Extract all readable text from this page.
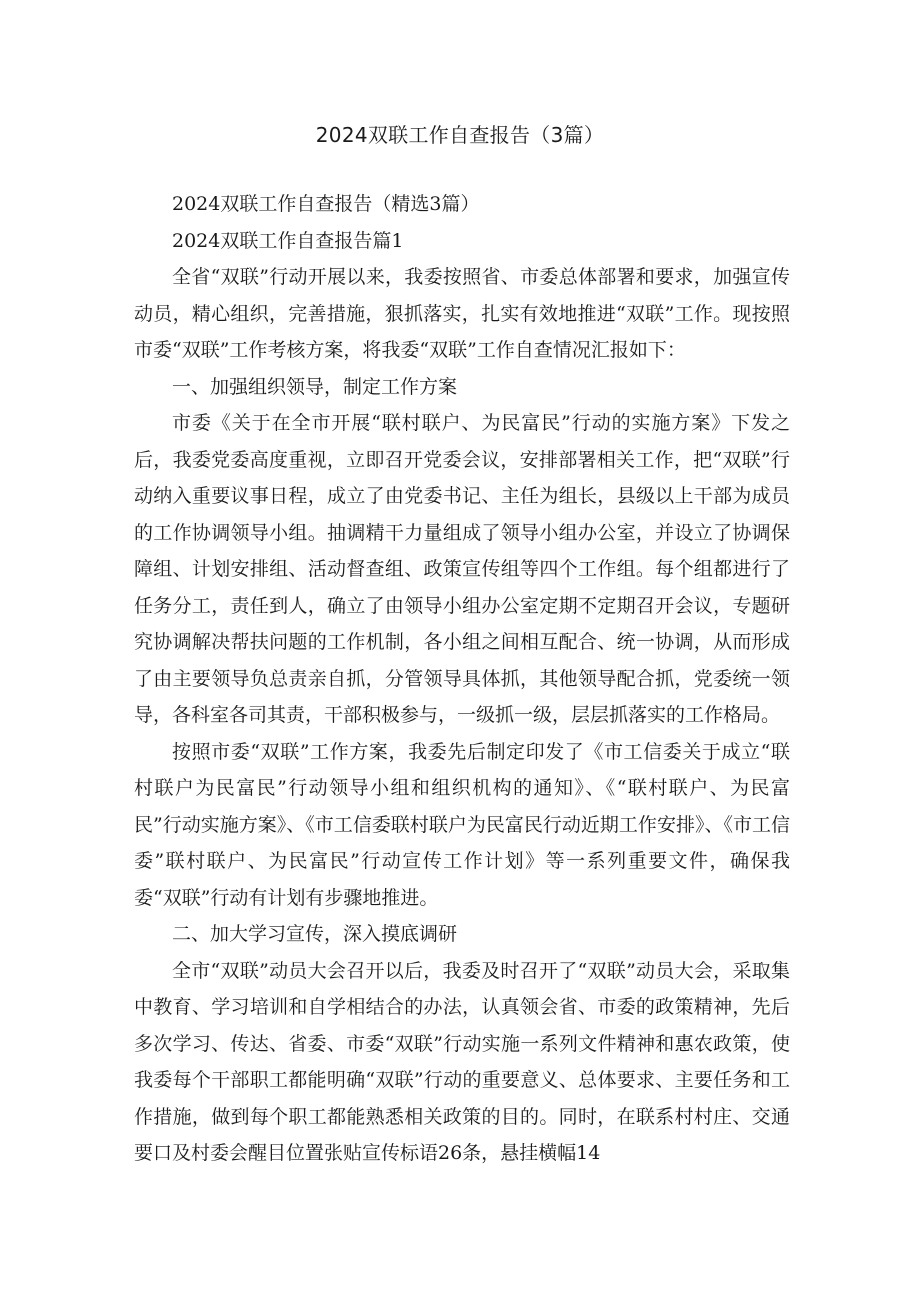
2024双联工作自查报告（3篇）

2024双联工作自查报告（精选3篇）

2024双联工作自查报告篇1

全省“双联”行动开展以来，我委按照省、市委总体部署和要求，加强宣传动员，精心组织，完善措施，狠抓落实，扎实有效地推进“双联”工作。现按照市委“双联”工作考核方案，将我委“双联”工作自查情况汇报如下：

一、加强组织领导，制定工作方案

市委《关于在全市开展“联村联户、为民富民”行动的实施方案》下发之后，我委党委高度重视，立即召开党委会议，安排部署相关工作，把“双联”行动纳入重要议事日程，成立了由党委书记、主任为组长，县级以上干部为成员的工作协调领导小组。抽调精干力量组成了领导小组办公室，并设立了协调保障组、计划安排组、活动督查组、政策宣传组等四个工作组。每个组都进行了任务分工，责任到人，确立了由领导小组办公室定期不定期召开会议，专题研究协调解决帮扶问题的工作机制，各小组之间相互配合、统一协调，从而形成了由主要领导负总责亲自抓，分管领导具体抓，其他领导配合抓，党委统一领导，各科室各司其责，干部积极参与，一级抓一级，层层抓落实的工作格局。

按照市委“双联”工作方案，我委先后制定印发了《市工信委关于成立“联村联户为民富民”行动领导小组和组织机构的通知》、《“联村联户、为民富民”行动实施方案》、《市工信委联村联户为民富民行动近期工作安排》、《市工信委”联村联户、为民富民”行动宣传工作计划》等一系列重要文件，确保我委“双联”行动有计划有步骤地推进。

二、加大学习宣传，深入摸底调研

全市“双联”动员大会召开以后，我委及时召开了“双联”动员大会，采取集中教育、学习培训和自学相结合的办法，认真领会省、市委的政策精神，先后多次学习、传达、省委、市委“双联”行动实施一系列文件精神和惠农政策，使我委每个干部职工都能明确“双联”行动的重要意义、总体要求、主要任务和工作措施，做到每个职工都能熟悉相关政策的目的。同时，在联系村村庄、交通要口及村委会醒目位置张贴宣传标语26条，悬挂横幅14
